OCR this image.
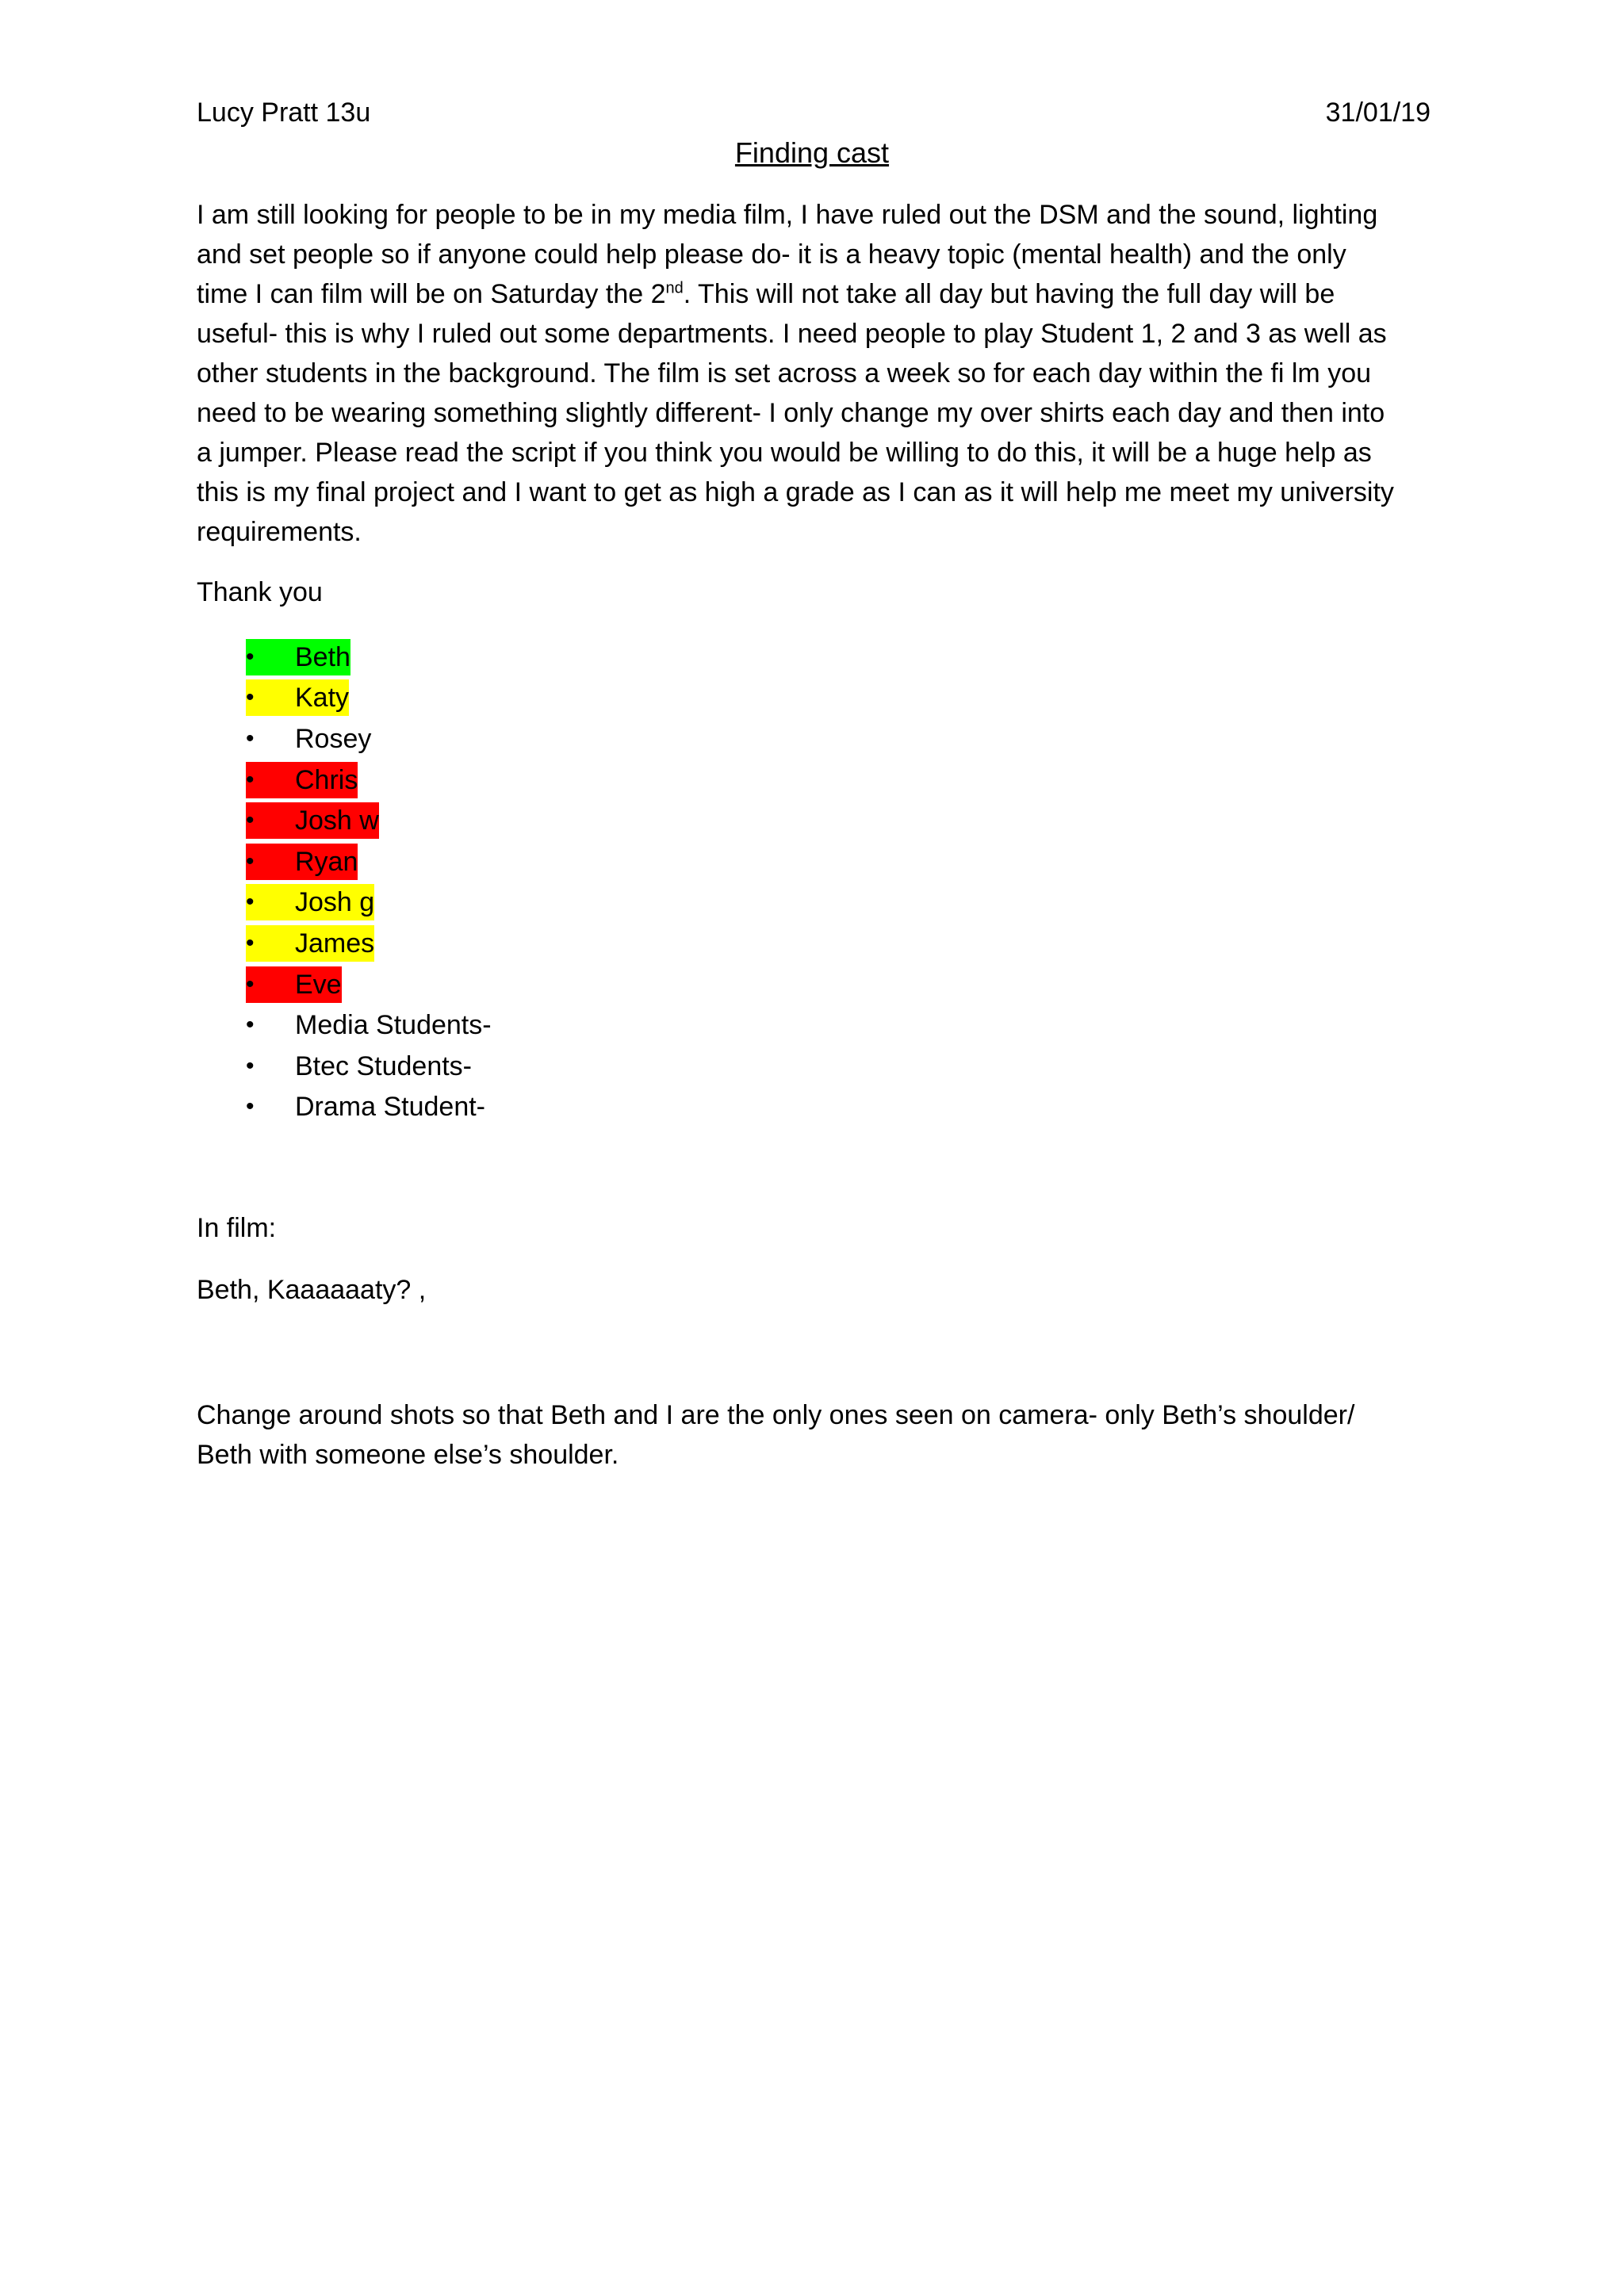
Lucy Pratt 13u	31/01/19
Finding cast

I am still looking for people to be in my media film, I have ruled out the DSM and the sound, lighting
and set people so if anyone could help please do- it is a heavy topic (mental health) and the only
time I can film will be on Saturday the 2nd. This will not take all day but having the full day will be
useful- this is why I ruled out some departments. I need people to play Student 1, 2 and 3 as well as
other students in the background. The film is set across a week so for each day within the fi lm you
need to be wearing something slightly different- I only change my over shirts each day and then into
a jumper. Please read the script if you think you would be willing to do this, it will be a huge help as
this is my final project and I want to get as high a grade as I can as it will help me meet my university
requirements.

Thank you
•	Beth
•	Katy
•	Rosey
•	Chris
•	Josh w
•	Ryan
•	Josh g
•	James
•	Eve
•	Media Students-
•	Btec Students-
•	Drama Student-
In film:
Beth, Kaaaaaaty? ,

Change around shots so that Beth and I are the only ones seen on camera- only Beth’s shoulder/
Beth with someone else’s shoulder.
